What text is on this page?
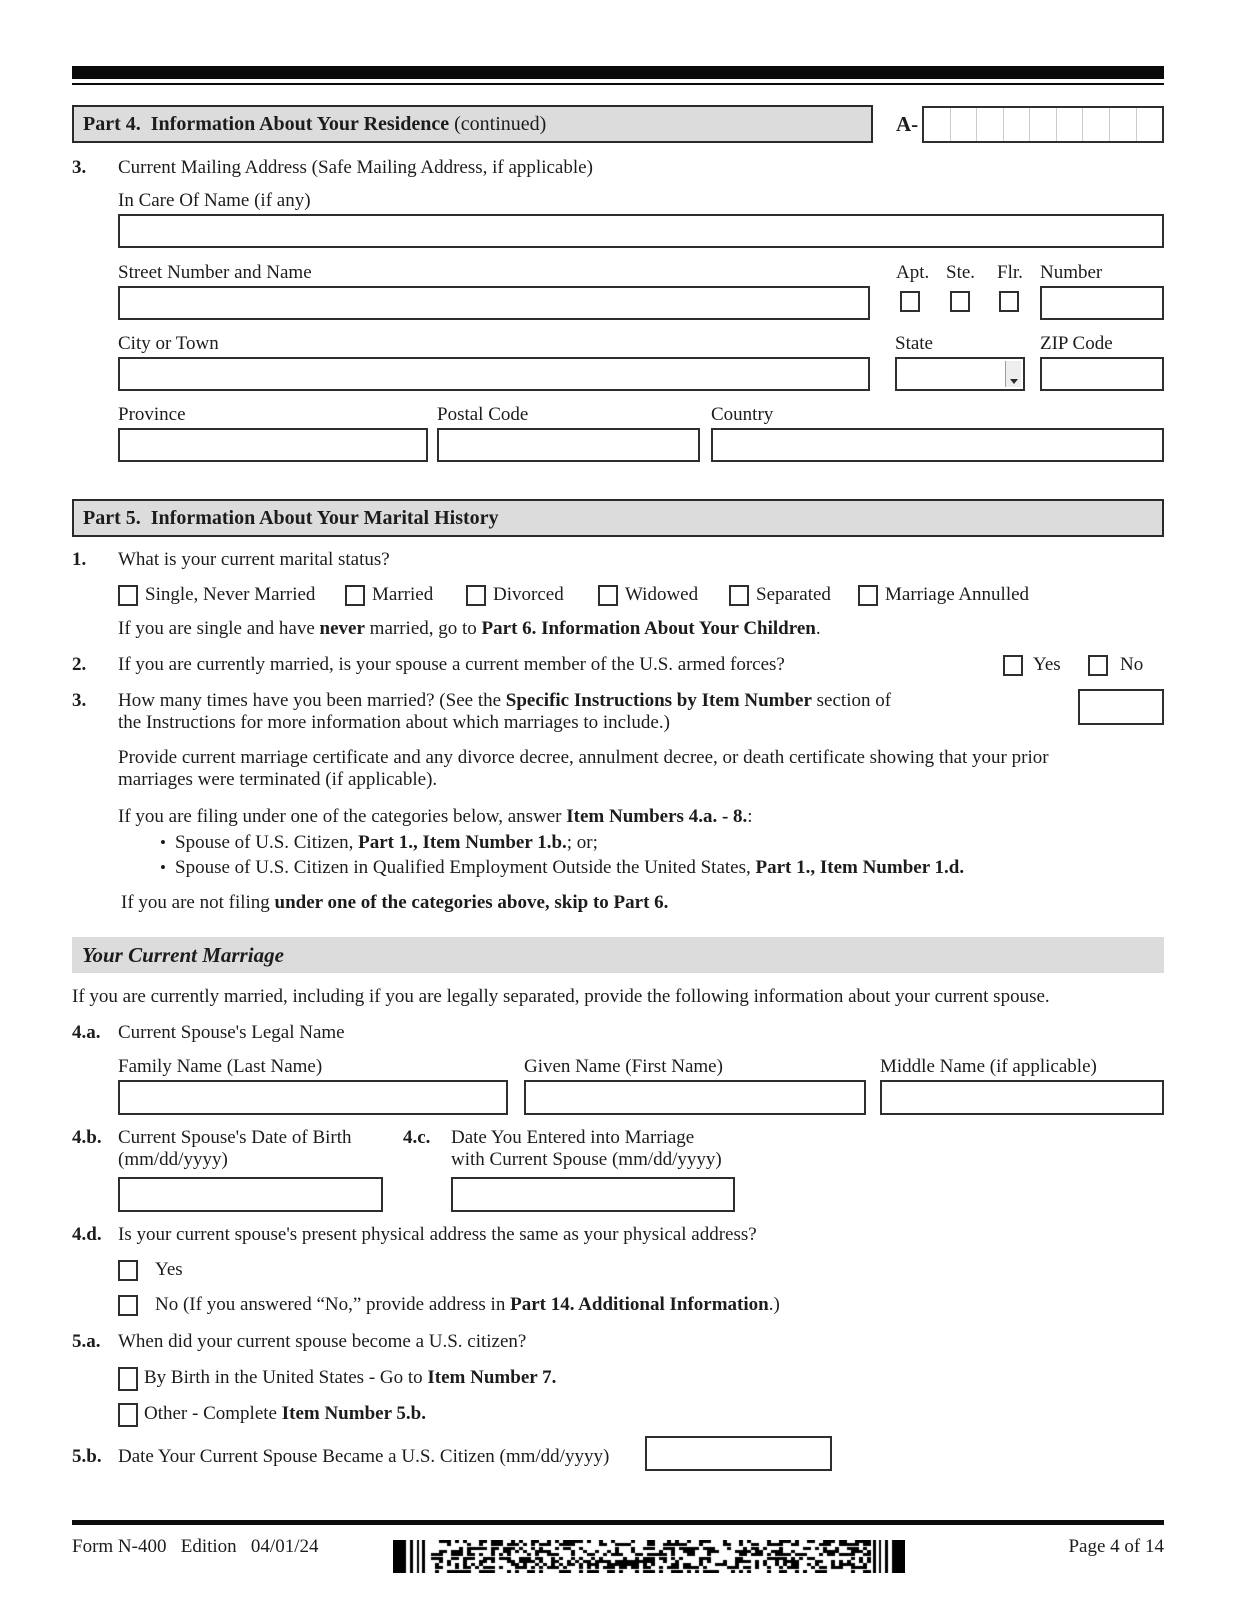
Part 4.  Information About Your Residence (continued)	A-
3. Current Mailing Address (Safe Mailing Address, if applicable)
In Care Of Name (if any)
Street Number and Name	Apt. Ste. Flr. Number
City or Town	State	ZIP Code
Province	Postal Code	Country
Part 5.  Information About Your Marital History
1. What is your current marital status?
Single, Never Married	Married	Divorced	Widowed	Separated	Marriage Annulled
If you are single and have never married, go to Part 6. Information About Your Children.
2. If you are currently married, is your spouse a current member of the U.S. armed forces?	Yes	No
3. How many times have you been married? (See the Specific Instructions by Item Number section of
the Instructions for more information about which marriages to include.)
Provide current marriage certificate and any divorce decree, annulment decree, or death certificate showing that your prior
marriages were terminated (if applicable).
If you are filing under one of the categories below, answer Item Numbers 4.a. - 8.:
• Spouse of U.S. Citizen, Part 1., Item Number 1.b.; or;
• Spouse of U.S. Citizen in Qualified Employment Outside the United States, Part 1., Item Number 1.d.
If you are not filing under one of the categories above, skip to Part 6.
Your Current Marriage
If you are currently married, including if you are legally separated, provide the following information about your current spouse.
4.a. Current Spouse's Legal Name
Family Name (Last Name)	Given Name (First Name)	Middle Name (if applicable)
4.b. Current Spouse's Date of Birth
(mm/dd/yyyy)
4.c. Date You Entered into Marriage
with Current Spouse (mm/dd/yyyy)
4.d. Is your current spouse's present physical address the same as your physical address?
Yes
No (If you answered “No,” provide address in Part 14. Additional Information.)
5.a. When did your current spouse become a U.S. citizen?
By Birth in the United States - Go to Item Number 7.
Other - Complete Item Number 5.b.
5.b. Date Your Current Spouse Became a U.S. Citizen (mm/dd/yyyy)
Form N-400 Edition   04/01/24	Page 4 of 14
